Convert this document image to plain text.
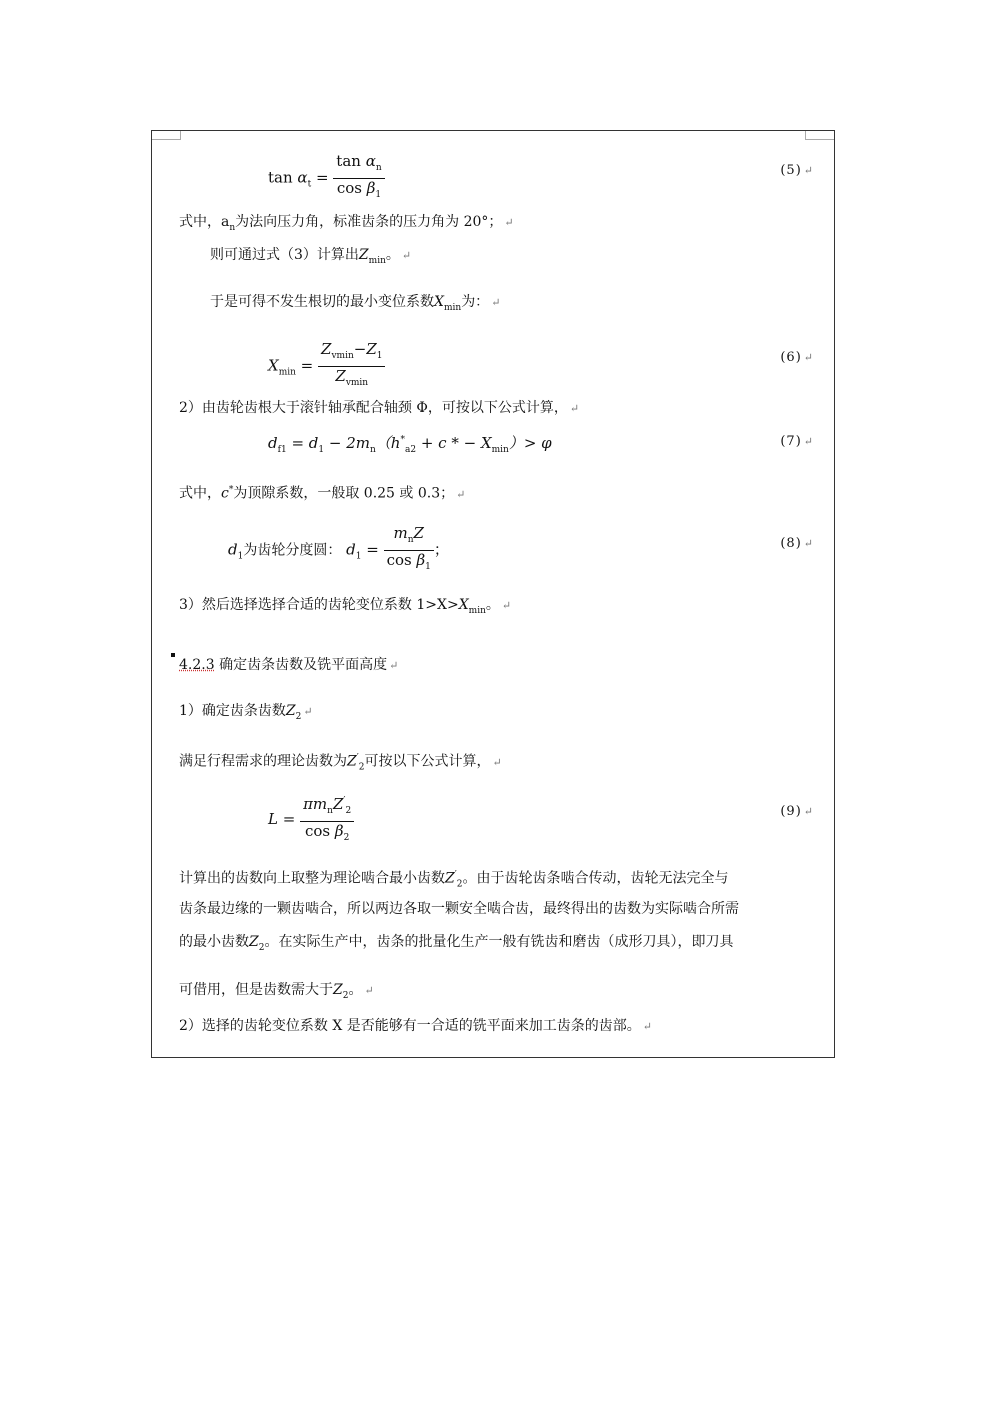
$\tan \alpha_t = \frac{\tan \alpha_n}{\cos \beta_1}$	(5) ↵
式中，$a_n$为法向压力角，标准齿条的压力角为 20°； ↵
则可通过式（3）计算出$Z_{min}$。 ↵
于是可得不发生根切的最小变位系数$X_{min}$为： ↵
$X_{min} = \frac{Z_{vmin}-Z_1}{Z_{vmin}}$	(6) ↵
2）由齿轮齿根大于滚针轴承配合轴颈 Φ，可按以下公式计算， ↵
$d_{f1} = d_1 - 2m_n(h^*_{a2} + c$ * − $X_{min})> \varphi$	(7) ↵
式中，c*为顶隙系数，一般取 0.25 或 0.3； ↵
$d_1$为齿轮分度圆： $d_1 = \frac{m_nZ}{\cos \beta_1}$ ；	(8) ↵
3）然后选择选择合适的齿轮变位系数 $1>X>X_{min}$。 ↵
4.2.3 确定齿条齿数及铣平面高度 ↵
1）确定齿条齿数$Z_2$ ↵
满足行程需求的理论齿数为$Z'_2$可按以下公式计算， ↵
$L = \frac{\pi m_nZ'_2}{\cos \beta_2}$	(9) ↵
计算出的齿数向上取整为理论啮合最小齿数$Z'_2$。由于齿轮齿条啮合传动，齿轮无法完全与
齿条最边缘的一颗齿啮合，所以两边各取一颗安全啮合齿，最终得出的齿数为实际啮合所需
的最小齿数$Z_2$。在实际生产中，齿条的批量化生产一般有铣齿和磨齿（成形刀具），即刀具
可借用，但是齿数需大于$Z_2$。 ↵
2）选择的齿轮变位系数 X 是否能够有一合适的铣平面来加工齿条的齿部。 ↵
